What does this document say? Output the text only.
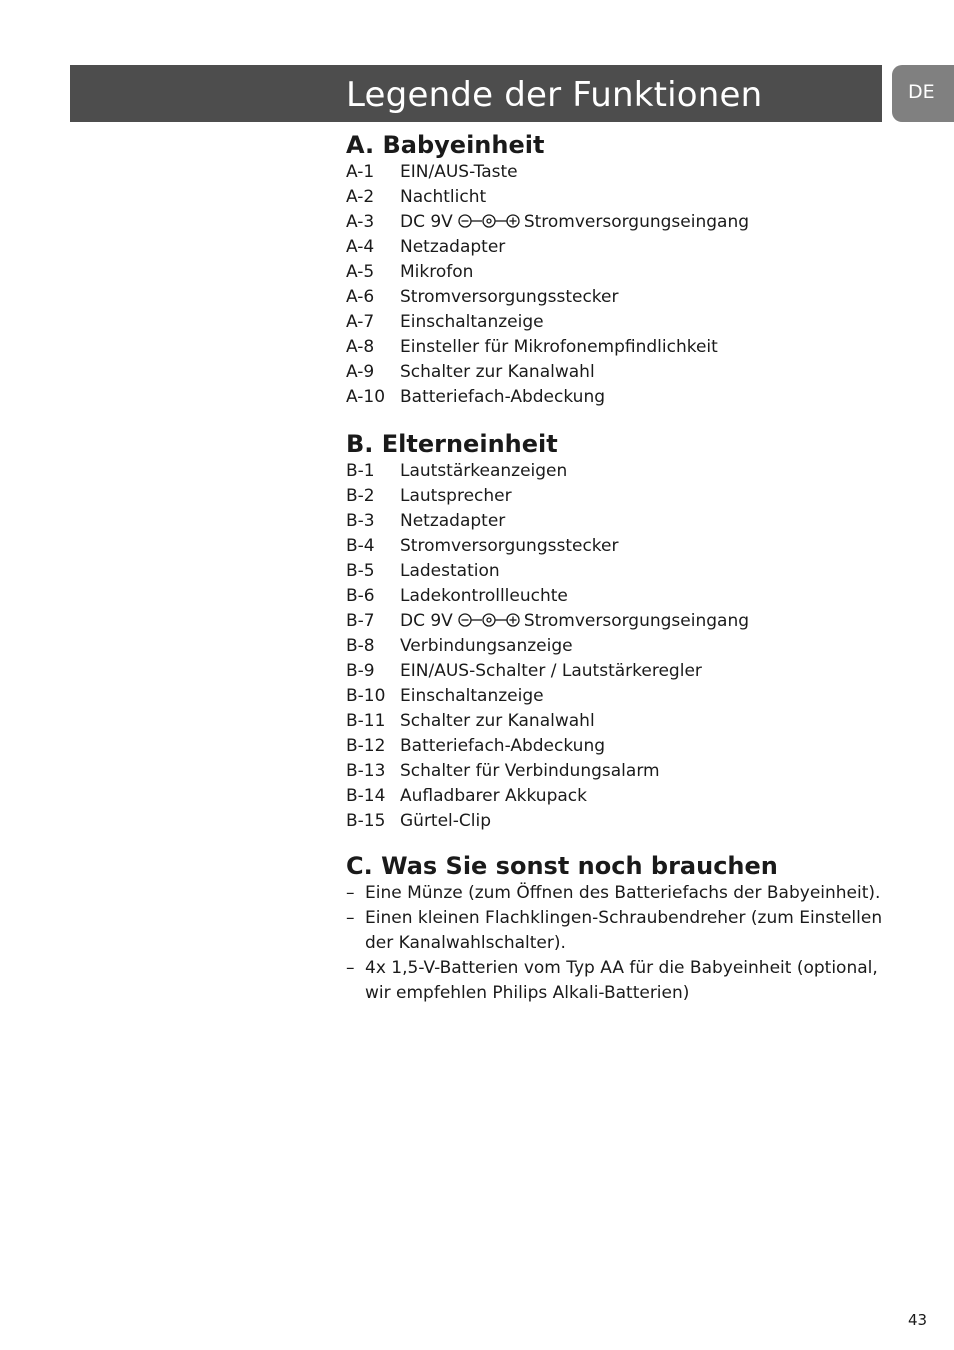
Legende der Funktionen	DE
A. Babyeinheit
A-1	EIN/AUS-Taste
A-2	Nachtlicht
A-3	DC 9V	Stromversorgungseingang
A-4	Netzadapter
A-5	Mikrofon
A-6	Stromversorgungsstecker
A-7	Einschaltanzeige
A-8	Einsteller für Mikrofonempfindlichkeit
A-9	Schalter zur Kanalwahl
A-10 Batteriefach-Abdeckung
B. Elterneinheit
B-1	Lautstärkeanzeigen
B-2	Lautsprecher
B-3	Netzadapter
B-4	Stromversorgungsstecker
B-5	Ladestation
B-6	Ladekontrollleuchte
B-7	DC 9V	Stromversorgungseingang
B-8	Verbindungsanzeige
B-9	EIN/AUS-Schalter / Lautstärkeregler
B-10 Einschaltanzeige
B-11 Schalter zur Kanalwahl
B-12 Batteriefach-Abdeckung
B-13 Schalter für Verbindungsalarm
B-14 Aufladbarer Akkupack
B-15 Gürtel-Clip
C. Was Sie sonst noch brauchen
– Eine Münze (zum Öffnen des Batteriefachs der Babyeinheit).
– Einen kleinen Flachklingen-Schraubendreher (zum Einstellen der Kanalwahlschalter).
– 4x 1,5-V-Batterien vom Typ AA für die Babyeinheit (optional, wir empfehlen Philips Alkali-Batterien)
43
